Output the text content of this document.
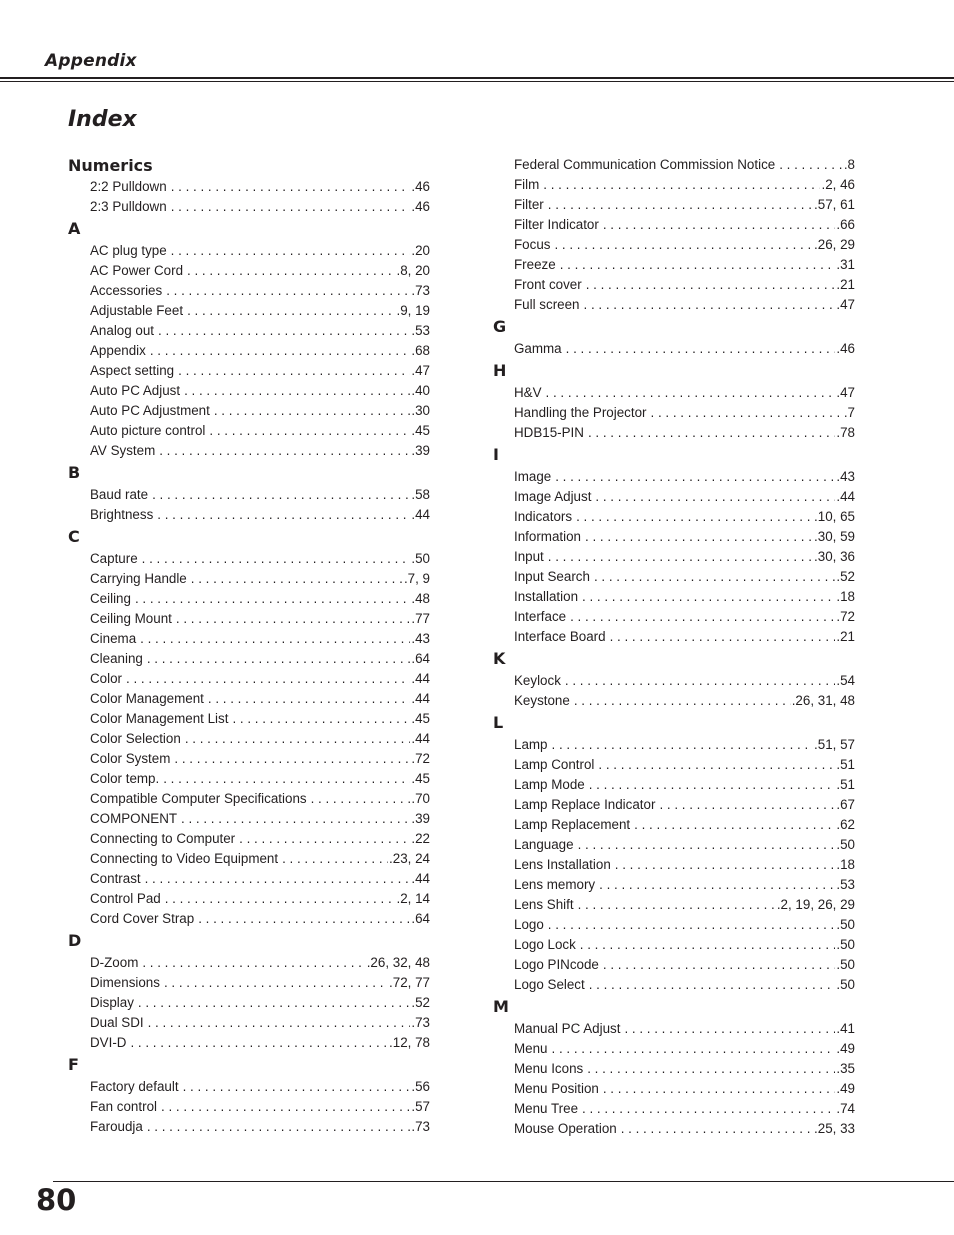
Appendix
Index
Numerics
2:2 Pulldown . . .	.46
2:3 Pulldown . . .	.46
A
AC plug type . . .	.20
AC Power Cord . . .	.8, 20
Accessories . . .	.73
Adjustable Feet . . .	.9, 19
Analog out . . .	.53
Appendix . . .	.68
Aspect setting . . .	.47
Auto PC Adjust . . .	.40
Auto PC Adjustment . . .	.30
Auto picture control . . .	.45
AV System . . .	.39
B
Baud rate . . .	.58
Brightness . . .	.44
C
Capture . . .	.50
Carrying Handle . . .	.7, 9
Ceiling . . .	.48
Ceiling Mount . . .	.77
Cinema . . .	.43
Cleaning . . .	.64
Color . . .	.44
Color Management . . .	.44
Color Management List . . .	.45
Color Selection . . .	.44
Color System . . .	.72
Color temp. . . .	.45
Compatible Computer Specifications . . .	.70
COMPONENT . . .	.39
Connecting to Computer . . .	.22
Connecting to Video Equipment . . .	.23, 24
Contrast . . .	.44
Control Pad . . .	.2, 14
Cord Cover Strap . . .	.64
D
D-Zoom . . .	.26, 32, 48
Dimensions . . .	.72, 77
Display . . .	.52
Dual SDI . . .	.73
DVI-D . . .	.12, 78
F
Factory default . . .	.56
Fan control . . .	.57
Faroudja . . .	.73
Federal Communication Commission Notice . . .	.8
Film . . .	.2, 46
Filter . . .	.57, 61
Filter Indicator . . .	.66
Focus . . .	.26, 29
Freeze . . .	.31
Front cover . . .	.21
Full screen . . .	.47
G
Gamma . . .	.46
H
H&V . . .	.47
Handling the Projector . . .	.7
HDB15-PIN . . .	.78
I
Image . . .	.43
Image Adjust . . .	.44
Indicators . . .	.10, 65
Information . . .	.30, 59
Input . . .	.30, 36
Input Search . . .	.52
Installation . . .	.18
Interface . . .	.72
Interface Board . . .	.21
K
Keylock . . .	.54
Keystone . . .	.26, 31, 48
L
Lamp . . .	.51, 57
Lamp Control . . .	.51
Lamp Mode . . .	.51
Lamp Replace Indicator . . .	.67
Lamp Replacement . . .	.62
Language . . .	.50
Lens Installation . . .	.18
Lens memory . . .	.53
Lens Shift . . .	.2, 19, 26, 29
Logo . . .	.50
Logo Lock . . .	.50
Logo PINcode . . .	.50
Logo Select . . .	.50
M
Manual PC Adjust . . .	.41
Menu . . .	.49
Menu Icons . . .	.35
Menu Position . . .	.49
Menu Tree . . .	.74
Mouse Operation . . .	.25, 33
80
